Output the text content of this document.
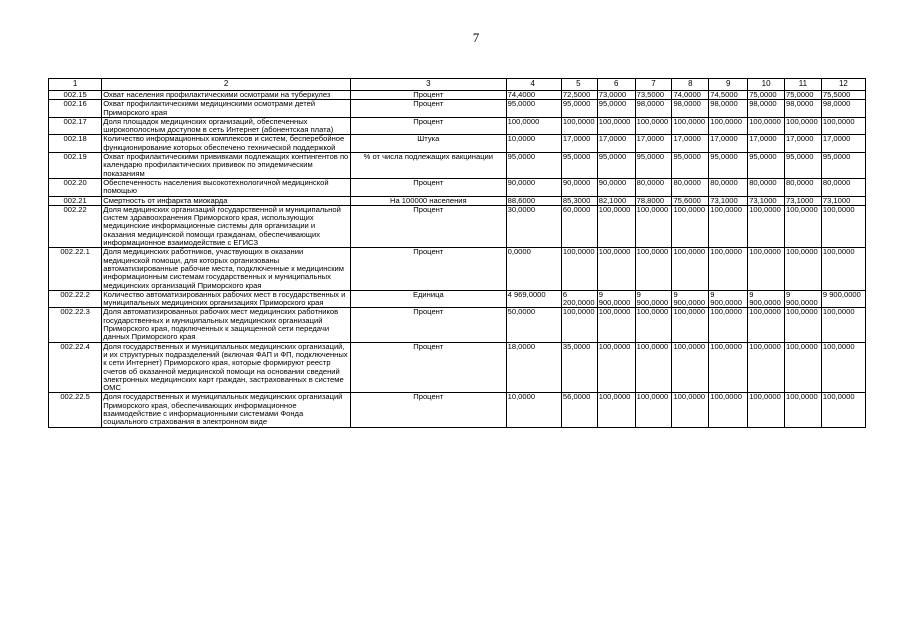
7
1	2	3	4	5	6	7	8	9	10	11	12
002.15	Охват населения профилактическими осмотрами на туберкулез	Процент	74,4000	72,5000	73,0000	73,5000	74,0000	74,5000	75,0000	75,0000	75,5000
002.16	Охват профилактическими медицинскими осмотрами детей Приморского края	Процент	95,0000	95,0000	95,0000	98,0000	98,0000	98,0000	98,0000	98,0000	98,0000
002.17	Доля площадок медицинских организаций, обеспеченных широкополосным доступом в сеть Интернет (абонентская плата)	Процент	100,0000	100,0000	100,0000	100,0000	100,0000	100,0000	100,0000	100,0000	100,0000
002.18	Количество информационных комплексов и систем, бесперебойное функционирование которых обеспечено технической поддержкой	Штука	10,0000	17,0000	17,0000	17,0000	17,0000	17,0000	17,0000	17,0000	17,0000
002.19	Охват профилактическими прививками подлежащих контингентов по календарю профилактических прививок по эпидемическим показаниям	% от числа подлежащих вакцинации	95,0000	95,0000	95,0000	95,0000	95,0000	95,0000	95,0000	95,0000	95,0000
002.20	Обеспеченность населения высокотехнологичной медицинской помощью	Процент	90,0000	90,0000	90,0000	80,0000	80,0000	80,0000	80,0000	80,0000	80,0000
002.21	Смертность от инфаркта миокарда	На 100000 населения	88,6000	85,3000	82,1000	78,8000	75,6000	73,1000	73,1000	73,1000	73,1000
002.22	Доля медицинских организаций государственной и муниципальной систем здравоохранения Приморского края, использующих медицинские информационные системы для организации и оказания медицинской помощи гражданам, обеспечивающих информационное взаимодействие с ЕГИСЗ	Процент	30,0000	60,0000	100,0000	100,0000	100,0000	100,0000	100,0000	100,0000	100,0000
002.22.1	Доля медицинских работников, участвующих в оказании медицинской помощи, для которых организованы автоматизированные рабочие места, подключенные к медицинским информационным системам государственных и муниципальных медицинских организаций Приморского края	Процент	0,0000	100,0000	100,0000	100,0000	100,0000	100,0000	100,0000	100,0000	100,0000
002.22.2	Количество автоматизированных рабочих мест в государственных и муниципальных медицинских организациях Приморского края	Единица	4 969,0000	6 200,0000	9 900,0000	9 900,0000	9 900,0000	9 900,0000	9 900,0000	9 900,0000	9 900,0000
002.22.3	Доля автоматизированных рабочих мест медицинских работников государственных и муниципальных медицинских организаций Приморского края, подключенных к защищенной сети передачи данных Приморского края	Процент	50,0000	100,0000	100,0000	100,0000	100,0000	100,0000	100,0000	100,0000	100,0000
002.22.4	Доля государственных и муниципальных медицинских организаций, и их структурных подразделений (включая ФАП и ФП, подключенных к сети Интернет) Приморского края, которые формируют реестр счетов об оказанной медицинской помощи на основании сведений электронных медицинских карт граждан, застрахованных в системе ОМС	Процент	18,0000	35,0000	100,0000	100,0000	100,0000	100,0000	100,0000	100,0000	100,0000
002.22.5	Доля государственных и муниципальных медицинских организаций Приморского края, обеспечивающих информационное взаимодействие с информационными системами Фонда социального страхования в электронном виде	Процент	10,0000	56,0000	100,0000	100,0000	100,0000	100,0000	100,0000	100,0000	100,0000
